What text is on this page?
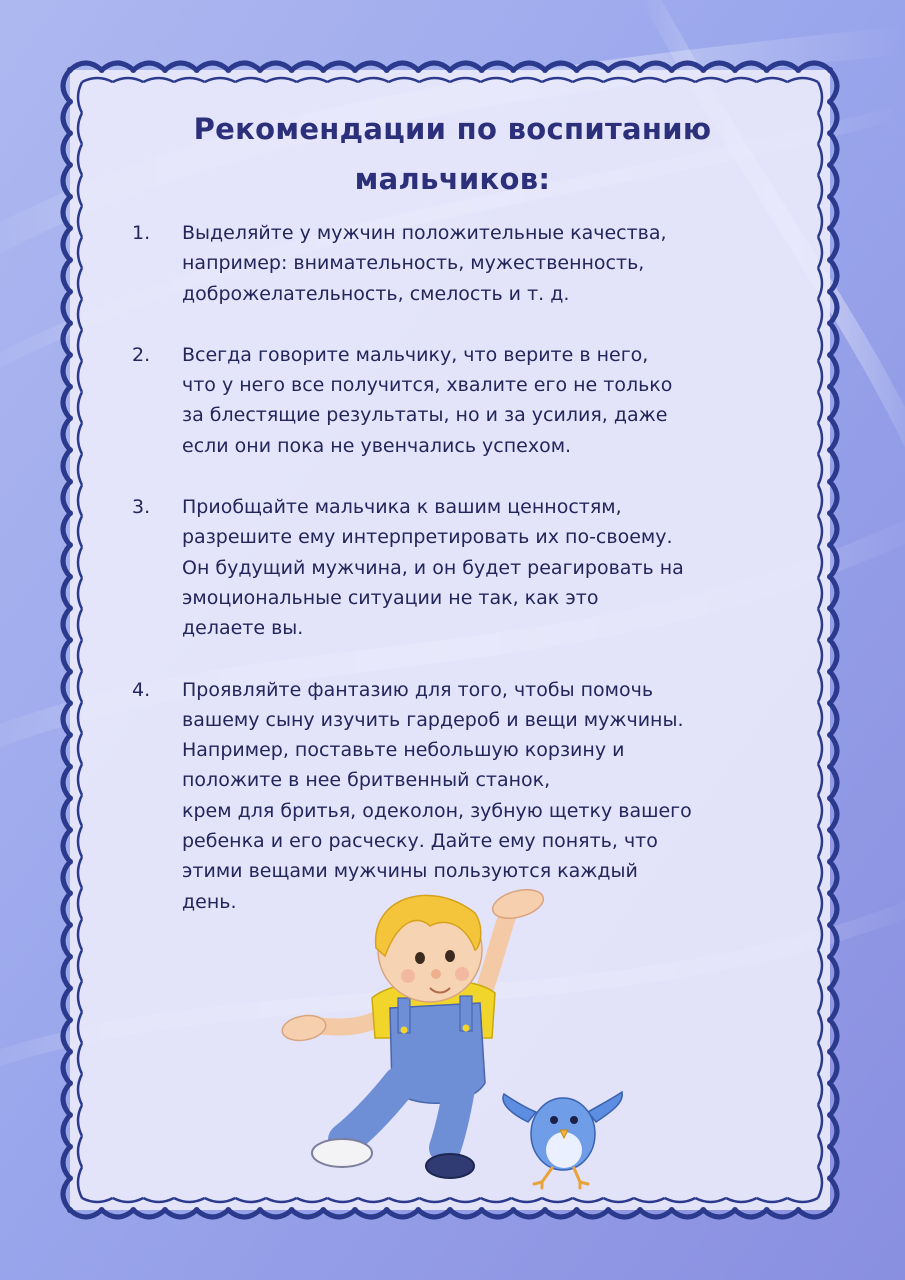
Рекомендации по воспитанию
мальчиков:
1. Выделяйте у мужчин положительные качества,
например: внимательность, мужественность,
доброжелательность, смелость и т. д.
2. Всегда говорите мальчику, что верите в него,
что у него все получится, хвалите его не только
за блестящие результаты, но и за усилия, даже
если они пока не увенчались успехом.
3. Приобщайте мальчика к вашим ценностям,
разрешите ему интерпретировать их по-своему.
Он будущий мужчина, и он будет реагировать на
эмоциональные ситуации не так, как это
делаете вы.
4. Проявляйте фантазию для того, чтобы помочь
вашему сыну изучить гардероб и вещи мужчины.
Например, поставьте небольшую корзину и
положите в нее бритвенный станок,
крем для бритья, одеколон, зубную щетку вашего
ребенка и его расческу. Дайте ему понять, что
этими вещами мужчины пользуются каждый
день.
